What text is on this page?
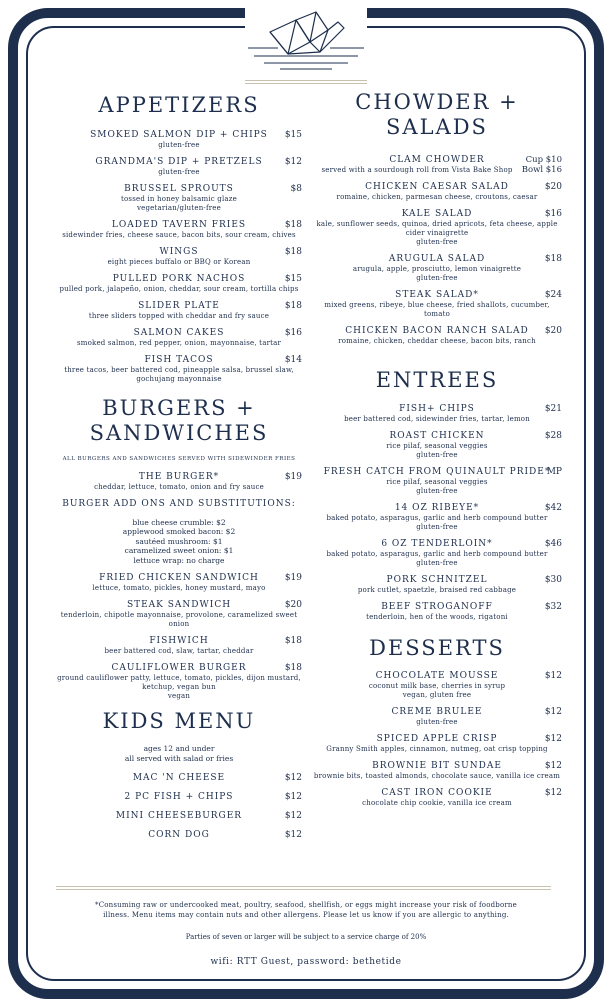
APPETIZERS
SMOKED SALMON DIP + CHIPS
gluten-free
$15
GRANDMA'S DIP + PRETZELS
gluten-free
$12
BRUSSEL SPROUTS
tossed in honey balsamic glaze
vegetarian/gluten-free
$8
LOADED TAVERN FRIES
sidewinder fries, cheese sauce, bacon bits, sour cream, chives
$18
WINGS
eight pieces buffalo or BBQ or Korean
$18
PULLED PORK NACHOS
pulled pork, jalapeño, onion, cheddar, sour cream, tortilla chips
$15
SLIDER PLATE
three sliders topped with cheddar and fry sauce
$18
SALMON CAKES
smoked salmon, red pepper, onion, mayonnaise, tartar
$16
FISH TACOS
three tacos, beer battered cod, pineapple salsa, brussel slaw, gochujang mayonnaise
$14
BURGERS + SANDWICHES
ALL BURGERS AND SANDWICHES SERVED WITH SIDEWINDER FRIES
THE BURGER*
cheddar, lettuce, tomato, onion and fry sauce
$19
BURGER ADD ONS AND SUBSTITUTIONS:
blue cheese crumble: $2
applewood smoked bacon: $2
sautéed mushroom: $1
caramelized sweet onion: $1
lettuce wrap: no charge
FRIED CHICKEN SANDWICH
lettuce, tomato, pickles, honey mustard, mayo
$19
STEAK SANDWICH
tenderloin, chipotle mayonnaise, provolone, caramelized sweet onion
$20
FISHWICH
beer battered cod, slaw, tartar, cheddar
$18
CAULIFLOWER BURGER
ground cauliflower patty, lettuce, tomato, pickles, dijon mustard, ketchup, vegan bun
vegan
$18
KIDS MENU
ages 12 and under
all served with salad or fries
MAC 'N CHEESE	$12
2 PC FISH + CHIPS	$12
MINI CHEESEBURGER	$12
CORN DOG	$12
CHOWDER +
SALADS
CLAM CHOWDER
served with a sourdough roll from Vista Bake Shop
Cup $10
Bowl $16
CHICKEN CAESAR SALAD
romaine, chicken, parmesan cheese, croutons, caesar
$20
KALE SALAD
kale, sunflower seeds, quinoa, dried apricots, feta cheese, apple cider vinaigrette
gluten-free
$16
ARUGULA SALAD
arugula, apple, prosciutto, lemon vinaigrette
gluten-free
$18
STEAK SALAD*
mixed greens, ribeye, blue cheese, fried shallots, cucumber, tomato
$24
CHICKEN BACON RANCH SALAD
romaine, chicken, cheddar cheese, bacon bits, ranch
$20
ENTREES
FISH+ CHIPS
beer battered cod, sidewinder fries, tartar, lemon
$21
ROAST CHICKEN
rice pilaf, seasonal veggies
gluten-free
$28
FRESH CATCH FROM QUINAULT PRIDE*
rice pilaf, seasonal veggies
gluten-free
MP
14 OZ RIBEYE*
baked potato, asparagus, garlic and herb compound butter
gluten-free
$42
6 OZ TENDERLOIN*
baked potato, asparagus, garlic and herb compound butter
gluten-free
$46
PORK SCHNITZEL
pork cutlet, spaetzle, braised red cabbage
$30
BEEF STROGANOFF
tenderloin, hen of the woods, rigatoni
$32
DESSERTS
CHOCOLATE MOUSSE
coconut milk base, cherries in syrup
vegan, gluten free
$12
CREME BRULEE
gluten-free
$12
SPICED APPLE CRISP
Granny Smith apples, cinnamon, nutmeg, oat crisp topping
$12
BROWNIE BIT SUNDAE
brownie bits, toasted almonds, chocolate sauce, vanilla ice cream
$12
CAST IRON COOKIE
chocolate chip cookie, vanilla ice cream
$12
*Consuming raw or undercooked meat, poultry, seafood, shellfish, or eggs might increase your risk of foodborne
illness. Menu items may contain nuts and other allergens. Please let us know if you are allergic to anything.
Parties of seven or larger will be subject to a service charge of 20%
wifi: RTT Guest, password: bethetide
